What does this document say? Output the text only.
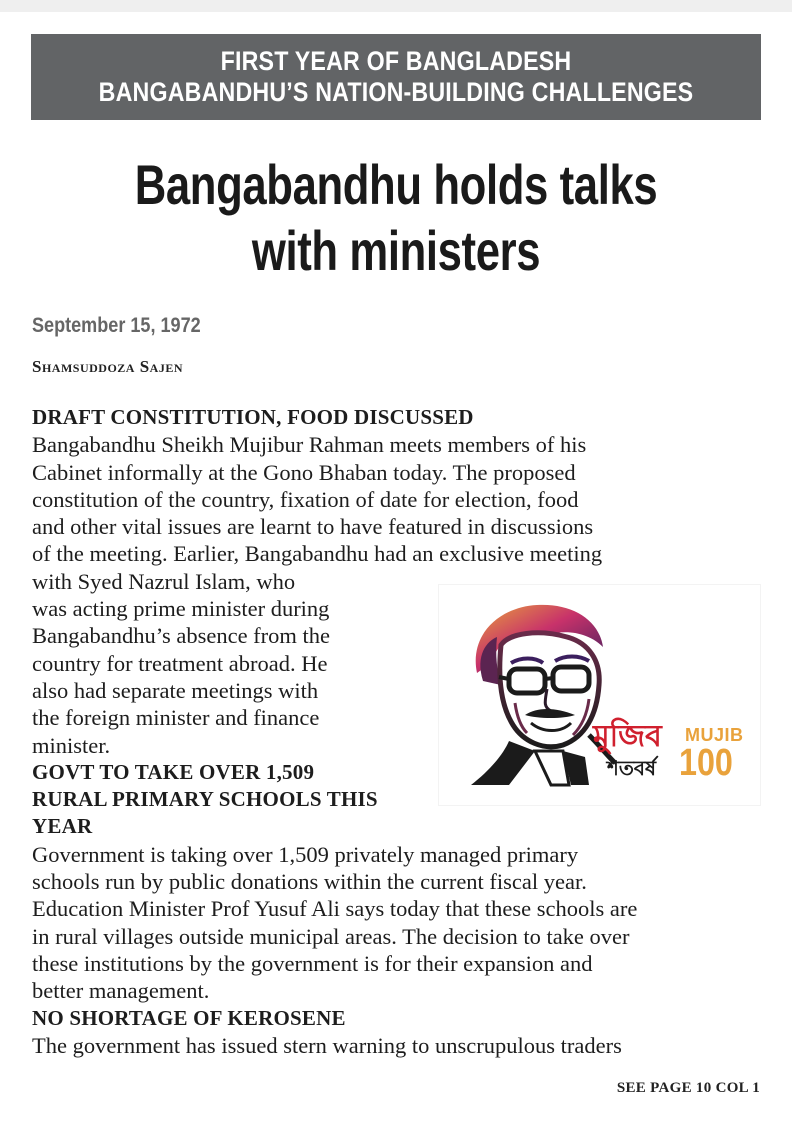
FIRST YEAR OF BANGLADESH
BANGABANDHU’S NATION-BUILDING CHALLENGES
Bangabandhu holds talks
with ministers
September 15, 1972
Shamsuddoza Sajen
DRAFT CONSTITUTION, FOOD DISCUSSED
Bangabandhu Sheikh Mujibur Rahman meets members of his
Cabinet informally at the Gono Bhaban today. The proposed
constitution of the country, fixation of date for election, food
and other vital issues are learnt to have featured in discussions
of the meeting. Earlier, Bangabandhu had an exclusive meeting
with Syed Nazrul Islam, who
was acting prime minister during
Bangabandhu’s absence from the
country for treatment abroad. He
also had separate meetings with
the foreign minister and finance
minister.
GOVT TO TAKE OVER 1,509
RURAL PRIMARY SCHOOLS THIS
YEAR
Government is taking over 1,509 privately managed primary
schools run by public donations within the current fiscal year.
Education Minister Prof Yusuf Ali says today that these schools are
in rural villages outside municipal areas. The decision to take over
these institutions by the government is for their expansion and
better management.
NO SHORTAGE OF KEROSENE
The government has issued stern warning to unscrupulous traders
মুজিব
শতবর্ষ
MUJIB
100
SEE PAGE 10 COL 1
